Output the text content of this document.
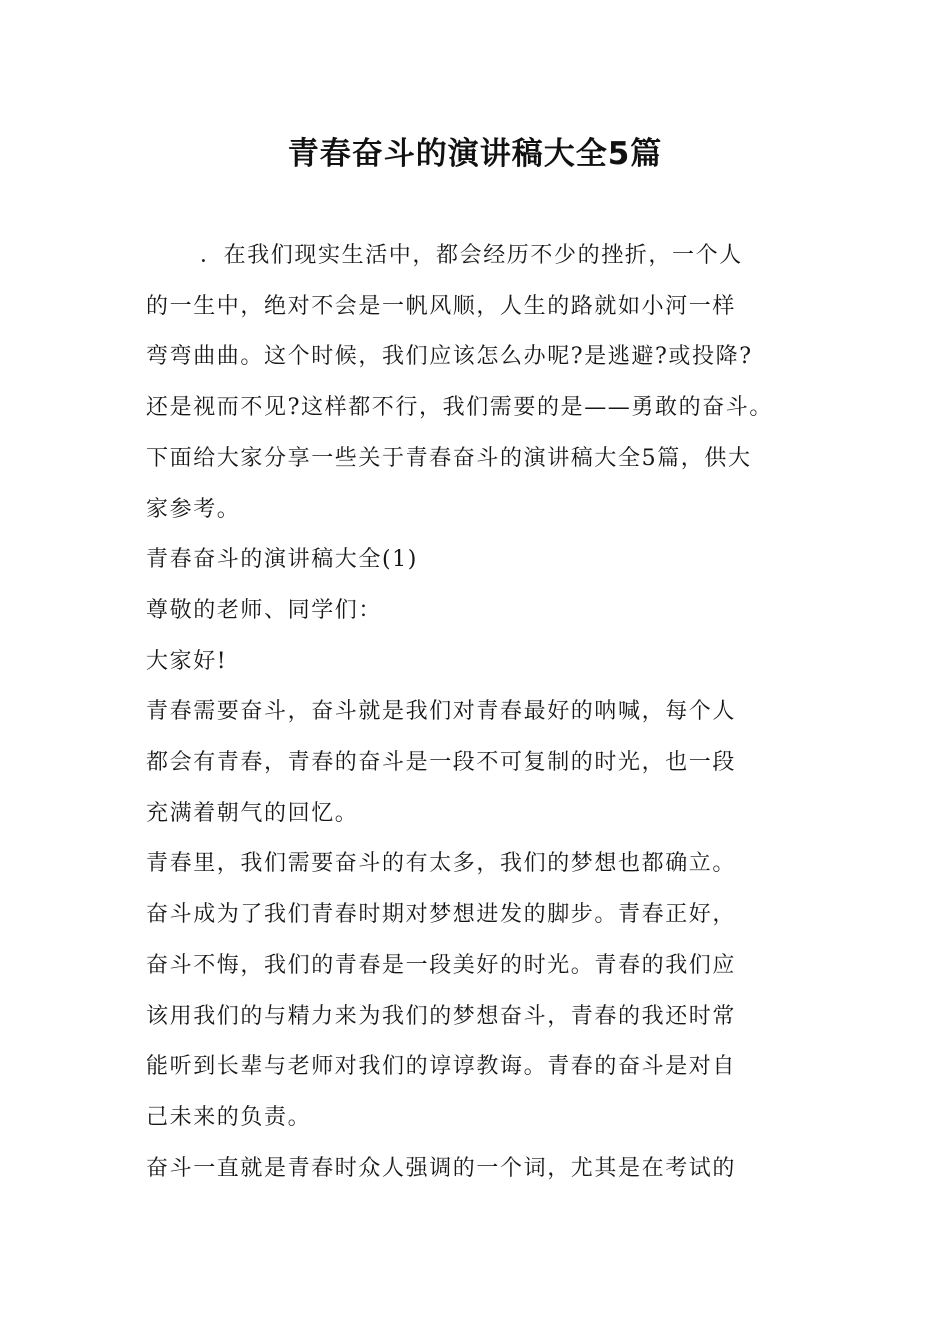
青春奋斗的演讲稿大全5篇
．在我们现实生活中，都会经历不少的挫折，一个人
的一生中，绝对不会是一帆风顺，人生的路就如小河一样
弯弯曲曲。这个时候，我们应该怎么办呢?是逃避?或投降?
还是视而不见?这样都不行，我们需要的是——勇敢的奋斗。
下面给大家分享一些关于青春奋斗的演讲稿大全5篇，供大
家参考。
青春奋斗的演讲稿大全(1)
尊敬的老师、同学们：
大家好!
青春需要奋斗，奋斗就是我们对青春最好的呐喊，每个人
都会有青春，青春的奋斗是一段不可复制的时光，也一段
充满着朝气的回忆。
青春里，我们需要奋斗的有太多，我们的梦想也都确立。
奋斗成为了我们青春时期对梦想进发的脚步。青春正好，
奋斗不悔，我们的青春是一段美好的时光。青春的我们应
该用我们的与精力来为我们的梦想奋斗，青春的我还时常
能听到长辈与老师对我们的谆谆教诲。青春的奋斗是对自
己未来的负责。
奋斗一直就是青春时众人强调的一个词，尤其是在考试的
